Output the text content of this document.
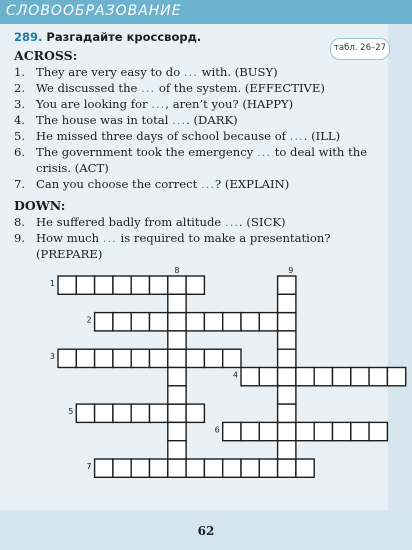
СЛОВООБРАЗОВАНИЕ
289. Разгадайте кроссворд.
табл. 26–27
ACROSS:
1. They are very easy to do ... with. (BUSY)
2. We discussed the ... of the system. (EFFECTIVE)
3. You are looking for ..., aren’t you? (HAPPY)
4. The house was in total .... (DARK)
5. He missed three days of school because of .... (ILL)
6. The government took the emergency ... to deal with the
crisis. (ACT)
7. Can you choose the correct ...? (EXPLAIN)
DOWN:
8. He suffered badly from altitude .... (SICK)
9. How much ... is required to make a presentation?
(PREPARE)
1
2
3
4
5
6
7
8	9
62
